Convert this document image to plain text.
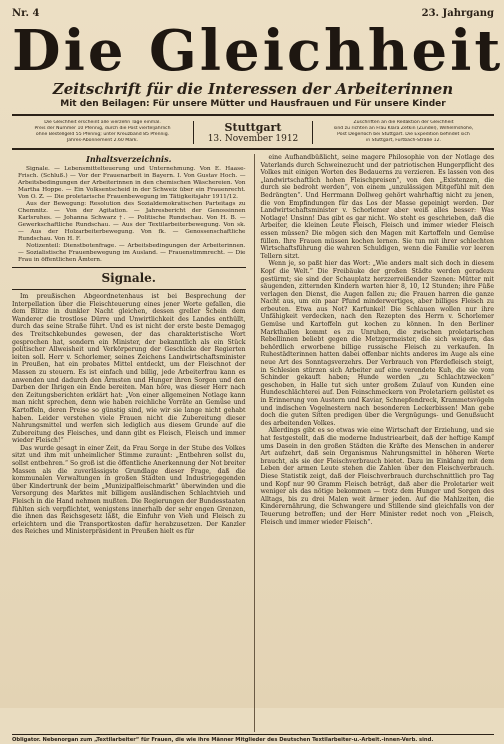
Nr. 4	23. Jahrgang
Die Gleichheit
Zeitschrift für die Interessen der Arbeiterinnen
Mit den Beilagen: Für unsere Mütter und Hausfrauen und Für unsere Kinder
Die Gleichheit erscheint alle vierzehn Tage einmal.
Preis der Nummer 10 Pfennig, durch die Post vierteljährlich
ohne Bestellgeld 55 Pfennig; unter Kreuzband 85 Pfennig.
Jahres-Abonnement 2.60 Mark.
Stuttgart
13. November 1912
Zuschriften an die Redaktion der Gleichheit
sind zu richten an Frau Klara Zetkin (Zundel), Wilhelmshöhe,
Post Degerloch bei Stuttgart. Die Expedition befindet sich
in Stuttgart, Furtbach-Straße 12.
Inhaltsverzeichnis.

Signale. — Lebensmittelteuerung und Unternehmung. Von E. Haase-Frisch. (Schluß.) — Vor der Frauenarbeit in Bayern. I. Von Gustav Hoch. — Arbeitsbedingungen der Arbeiterinnen in den chemischen Wäschereien. Von Martha Hoppe. — Ein Volksentscheid in der Schweiz über ein Frauenrecht. Von O. Z. — Die proletarische Frauenbewegung im Tätigkeitsjahr 1911/12.

Aus der Bewegung: Resolution des Sozialdemokratischen Parteitags zu Chemnitz. — Von der Agitation. — Jahresbericht der Genossinnen Karlsruhes. — Johanna Schwarz †. — Politische Rundschau. Von H. B. — Gewerkschaftliche Rundschau. — Aus der Textilarbeiterbewegung. Von sk. — Aus der Holzarbeiterbewegung. Von fk. — Genossenschaftliche Rundschau. Von H. F.

Notizenteil: Dienstbotenfrage. — Arbeitsbedingungen der Arbeiterinnen. — Sozialistische Frauenbewegung im Ausland. — Frauenstimmrecht. — Die Frau in öffentlichen Ämtern.

Signale.

Im preußischen Abgeordnetenhaus ist bei Besprechung der Interpellation über die Fleischteuerung eines jener Worte gefallen, die dem Blitze in dunkler Nacht gleichen, dessen greller Schein dem Wanderer die trostlose Dürre und Unwirtlichkeit des Landes enthüllt, durch das seine Straße führt. Und es ist nicht der erste beste Demagog des Treitschkebundes gewesen, der das charakteristische Wort gesprochen hat, sondern ein Minister, der bekanntlich als ein Stück politischer Allweisheit und Verkörperung der Geschicke der Regierten leiten soll. Herr v. Schorlemer, seines Zeichens Landwirtschaftsminister in Preußen, hat ein probates Mittel entdeckt, um der Fleischnot der Massen zu steuern. Es ist einfach und billig, jede Arbeiterfrau kann es anwenden und dadurch den Ärmsten und Hunger ihren Sorgen und den Darben der Ihrigen ein Ende bereiten. Man höre, was dieser Herr nach den Zeitungsberichten erklärt hat: „Von einer allgemeinen Notlage kann man nicht sprechen, denn wie haben reichliche Vorräte an Gemüse und Kartoffeln, deren Preise so günstig sind, wie wir sie lange nicht gehabt haben. Leider verstehen viele Frauen nicht die Zubereitung dieser Nahrungsmittel und werfen sich lediglich aus diesem Grunde auf die Zubereitung des Fleisches, und dann gibt es Fleisch, Fleisch und immer wieder Fleisch!“

Das wurde gesagt in einer Zeit, da Frau Sorge in der Stube des Volkes sitzt und ihm mit unheimlicher Stimme zuraunt: „Entbehren sollst du, sollst entbehren.“ So groß ist die öffentliche Anerkennung der Not breiter Massen als die zuverlässigste Grundlage dieser Frage, daß die kommunalen Verwaltungen in großen Städten und Industriegegenden über Kindertrunk der beim „Munizipalfleischmarkt“ überwinden und die Versorgung des Marktes mit billigem ausländischen Schlachtvieh und Fleisch in die Hand nehmen mußten. Die Regierungen der Bundesstaaten fühlten sich verpflichtet, wenigstens innerhalb der sehr engen Grenzen, die ihnen das Reichsgesetz läßt, die Einfuhr von Vieh und Fleisch zu erleichtern und die Transportkosten dafür herabzusetzen. Der Kanzler des Reiches und Ministerpräsident in Preußen hielt es für

eine Aufhandbüßlicht, seine magere Philosophie von der Notlage des Vaterlands durch Schweinezucht und der patriotischen Hungerpflicht des Volkes mit einigen Worten des Bedauerns zu verzieren. Es lassen von des „landwirtschaftlich hohen Fleischpreisen“, von den „Existenzen, die durch sie bedroht werden“, von einem „unzulässigen Mitgefühl mit den Bedrängten“. Und Herrmann Dollweg gehört wahrhaftig nicht zu jenen, die von Empfindungen für das Los der Masse gepeinigt werden. Der Landwirtschaftsminister v. Schorlemer aber weiß alles besser: Was Notlage! Unsinn! Das gibt es gar nicht. Wo steht es geschrieben, daß die Arbeiter, die kleinen Leute Fleisch, Fleisch und immer wieder Fleisch essen müssen? Die mögen sich den Magen mit Kartoffeln und Gemüse füllen. Ihre Frauen müssen kochen lernen. Sie tun mit ihrer schlechten Wirtschaftsführung die wahren Schuldigen, wenn die Familie vor leeren Tellern sitzt.

Wenn je, so paßt hier das Wort: „Wie anders malt sich doch in diesem Kopf die Welt.“ Die Freibäuke der großen Städte werden geradezu gestürmt; sie sind der Schauplatz herzzerreißender Szenen: Mütter mit säugenden, zitternden Kindern warten hier 8, 10, 12 Stunden; ihre Füße verlagen den Dienst, die Augen fallen zu; die Frauen harren die ganze Nacht aus, um ein paar Pfund minderwertiges, aber billiges Fleisch zu erbeuten. Etwa aus Not? Karfunkel! Die Schlauen wollen nur ihre Unfähigkeit verdecken, nach den Rezepten des Herrn v. Schorlemer Gemüse und Kartoffeln gut kochen zu können. In den Berliner Markthallen kommt es zu Unruhen, die zwischen proletarischen Rebellinnen beliebt gegen die Metzgermeister, die sich weigern, das behördlich erworbene billige russische Fleisch zu verkaufen. In Ruhestädterinnen hatten dabei offenbar nichts anderes im Auge als eine neue Art des Sonntagsverzehrs. Der Verbrauch von Pferdefleisch steigt, in Schlesien stürzen sich Arbeiter auf eine verendete Kuh, die sie vom Schinder gekauft haben; Hunde werden „zu Schlachtzwecken“ geschoben, in Halle tut sich unter großem Zulauf von Kunden eine Hundeschlächterei auf. Den Feinschmeckern von Proletariern gelüstet es in Erinnerung von Austern und Kaviar, Schnepfendreck, Krammetsvögeln und indischen Vogelnestern nach besonderen Leckerbissen! Man gebe doch die guten Sitten predigen über die Vergnügungs- und Genußsucht des arbeitenden Volkes.

Allerdings gibt es so etwas wie eine Wirtschaft der Erziehung, und sie hat festgestellt, daß die moderne Industriearbeit, daß der heftige Kampf ums Dasein in den großen Städten die Kräfte des Menschen in anderer Art aufzehrt, daß sein Organismus Nahrungsmittel in höheren Werte braucht, als sie der Fleischverbrauch bietet. Dazu im Einklang mit dem Leben der armen Leute stehen die Zahlen über den Fleischverbrauch. Diese Statistik zeigt, daß der Fleischverbrauch durchschnittlich pro Tag und Kopf nur 90 Gramm Fleisch beträgt, daß aber die Proletarier weit weniger als das nötige bekommen — trotz dem Hunger und Sorgen des Alltags, bis zu drei Malen weit ärmer jeden. Auf die Mahlzeiten, die Kinderernährung, die Schwangere und Stillende sind gleichfalls von der Teuerung betroffen; und der Herr Minister redet noch von „Fleisch, Fleisch und immer wieder Fleisch“.

Obligator. Nebenorgan zum „Textilarbeiter“ für Frauen, die wie ihre Männer Mitglieder des Deutschen Textilarbeiter-u.-Arbeit.-innen-Verb. sind.
